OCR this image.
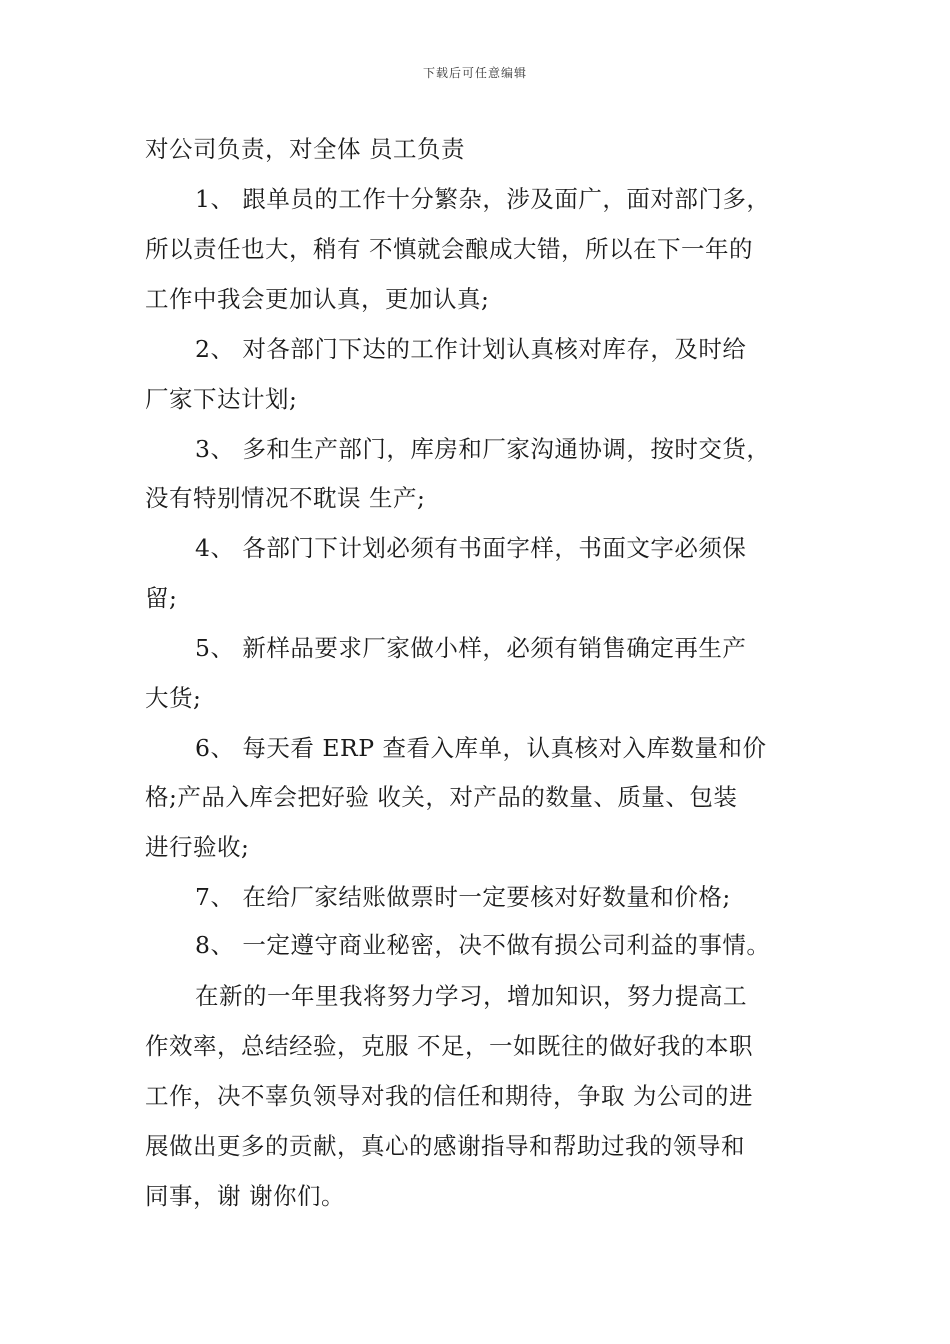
下载后可任意编辑
对公司负责，对全体 员工负责
1、 跟单员的工作十分繁杂，涉及面广，面对部门多，
所以责任也大，稍有 不慎就会酿成大错，所以在下一年的
工作中我会更加认真，更加认真;
2、 对各部门下达的工作计划认真核对库存，及时给
厂家下达计划;
3、 多和生产部门，库房和厂家沟通协调，按时交货，
没有特别情况不耽误 生产;
4、 各部门下计划必须有书面字样，书面文字必须保
留;
5、 新样品要求厂家做小样，必须有销售确定再生产
大货;
6、 每天看 ERP 查看入库单，认真核对入库数量和价
格;产品入库会把好验 收关，对产品的数量、质量、包装
进行验收;
7、 在给厂家结账做票时一定要核对好数量和价格;
8、 一定遵守商业秘密，决不做有损公司利益的事情。
在新的一年里我将努力学习，增加知识，努力提高工
作效率，总结经验，克服 不足，一如既往的做好我的本职
工作，决不辜负领导对我的信任和期待，争取 为公司的进
展做出更多的贡献，真心的感谢指导和帮助过我的领导和
同事，谢 谢你们。
